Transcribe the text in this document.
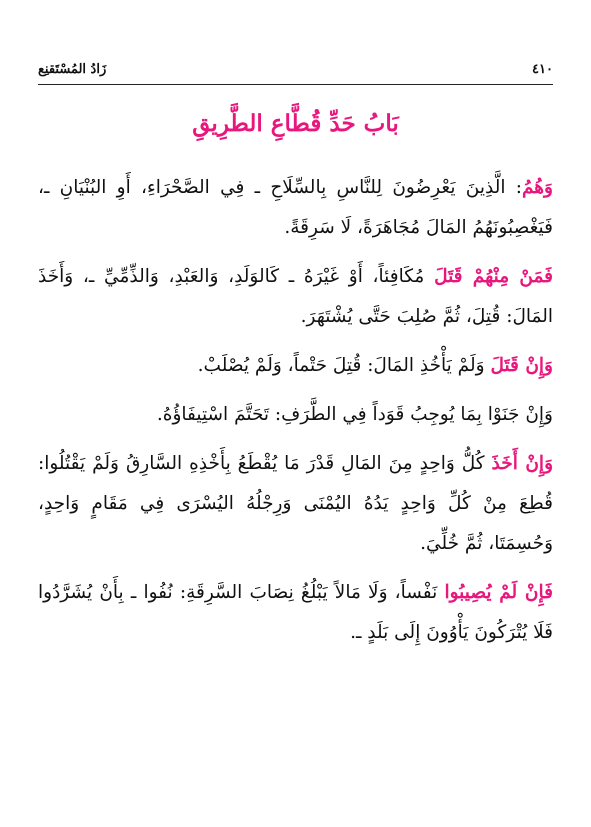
زَادُ المُسْتَقنِع	٤١٠
بَابُ حَدِّ قُطَّاعِ الطَّرِيقِ

وَهُمُ: الَّذِينَ يَعْرِضُونَ لِلنَّاسِ بِالسِّلَاحِ ـ فِي الصَّحْرَاءِ، أَوِ البُنْيَانِ ـ، فَيَغْصِبُونَهُمُ المَالَ مُجَاهَرَةً، لَا سَرِقَةً.

فَمَنْ مِنْهُمْ قَتَلَ مُكَافِئاً، أَوْ غَيْرَهُ ـ كَالوَلَدِ، وَالعَبْدِ، وَالذِّمِّيِّ ـ، وَأَخَذَ المَالَ: قُتِلَ، ثُمَّ صُلِبَ حَتَّى يُشْتَهَرَ.

وَإِنْ قَتَلَ وَلَمْ يَأْخُذِ المَالَ: قُتِلَ حَتْماً، وَلَمْ يُصْلَبْ.

وَإِنْ جَنَوْا بِمَا يُوجِبُ قَوَداً فِي الطَّرَفِ: تَحَتَّمَ اسْتِيفَاؤُهُ.

وَإِنْ أَخَذَ كُلُّ وَاحِدٍ مِنَ المَالِ قَدْرَ مَا يُقْطَعُ بِأَخْذِهِ السَّارِقُ وَلَمْ يَقْتُلُوا: قُطِعَ مِنْ كُلِّ وَاحِدٍ يَدُهُ اليُمْنَى وَرِجْلُهُ اليُسْرَى فِي مَقَامٍ وَاحِدٍ، وَحُسِمَتَا، ثُمَّ خُلِّيَ.

فَإِنْ لَمْ يُصِيبُوا نَفْساً، وَلَا مَالاً يَبْلُغُ نِصَابَ السَّرِقَةِ: نُفُوا ـ بِأَنْ يُشَرَّدُوا فَلَا يُتْرَكُونَ يَأْوُونَ إِلَى بَلَدٍ ـ.
